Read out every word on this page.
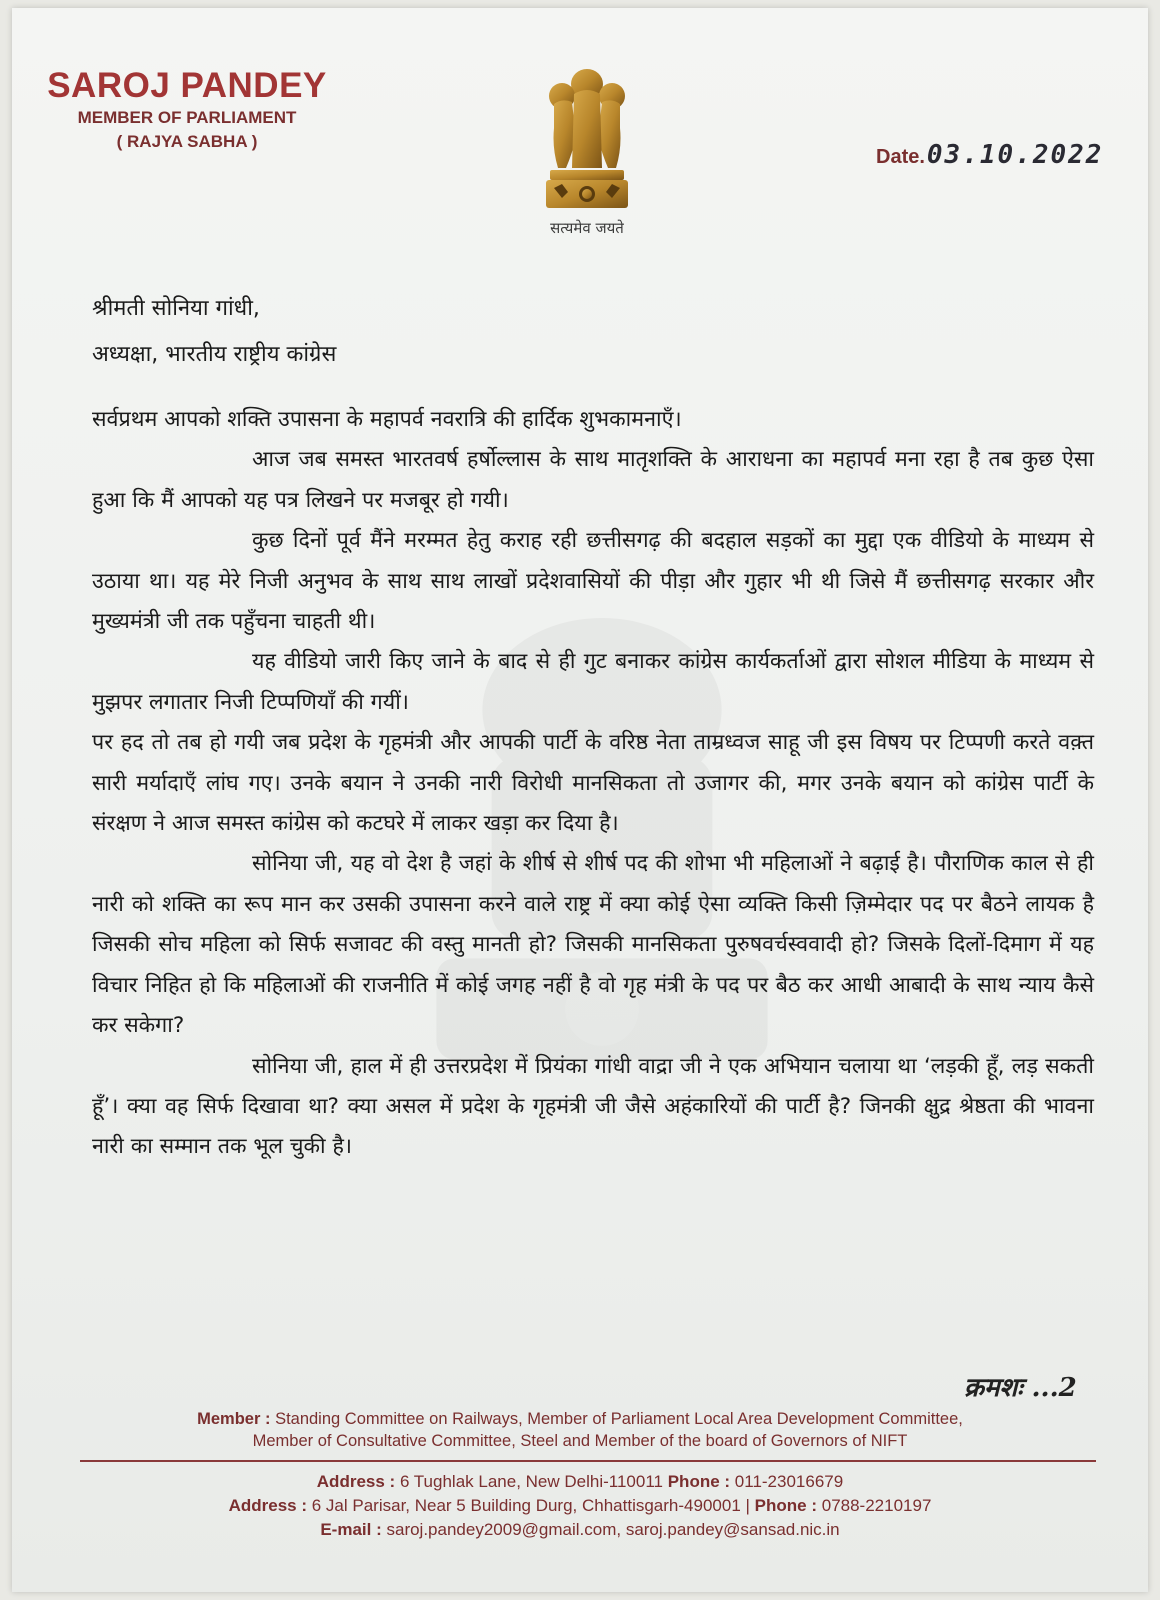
SAROJ PANDEY
MEMBER OF PARLIAMENT
( RAJYA SABHA )
सत्यमेव जयते
Date.03.10.2022
श्रीमती सोनिया गांधी,
अध्यक्षा, भारतीय राष्ट्रीय कांग्रेस

सर्वप्रथम आपको शक्ति उपासना के महापर्व नवरात्रि की हार्दिक शुभकामनाएँ।

आज जब समस्त भारतवर्ष हर्षोल्लास के साथ मातृशक्ति के आराधना का महापर्व मना रहा है तब कुछ ऐसा हुआ कि मैं आपको यह पत्र लिखने पर मजबूर हो गयी।

कुछ दिनों पूर्व मैंने मरम्मत हेतु कराह रही छत्तीसगढ़ की बदहाल सड़कों का मुद्दा एक वीडियो के माध्यम से उठाया था। यह मेरे निजी अनुभव के साथ साथ लाखों प्रदेशवासियों की पीड़ा और गुहार भी थी जिसे मैं छत्तीसगढ़ सरकार और मुख्यमंत्री जी तक पहुँचना चाहती थी।

यह वीडियो जारी किए जाने के बाद से ही गुट बनाकर कांग्रेस कार्यकर्ताओं द्वारा सोशल मीडिया के माध्यम से मुझपर लगातार निजी टिप्पणियाँ की गयीं।

पर हद तो तब हो गयी जब प्रदेश के गृहमंत्री और आपकी पार्टी के वरिष्ठ नेता ताम्रध्वज साहू जी इस विषय पर टिप्पणी करते वक़्त सारी मर्यादाएँ लांघ गए। उनके बयान ने उनकी नारी विरोधी मानसिकता तो उजागर की, मगर उनके बयान को कांग्रेस पार्टी के संरक्षण ने आज समस्त कांग्रेस को कटघरे में लाकर खड़ा कर दिया है।

सोनिया जी, यह वो देश है जहां के शीर्ष से शीर्ष पद की शोभा भी महिलाओं ने बढ़ाई है। पौराणिक काल से ही नारी को शक्ति का रूप मान कर उसकी उपासना करने वाले राष्ट्र में क्या कोई ऐसा व्यक्ति किसी ज़िम्मेदार पद पर बैठने लायक है जिसकी सोच महिला को सिर्फ सजावट की वस्तु मानती हो? जिसकी मानसिकता पुरुषवर्चस्ववादी हो? जिसके दिलों-दिमाग में यह विचार निहित हो कि महिलाओं की राजनीति में कोई जगह नहीं है वो गृह मंत्री के पद पर बैठ कर आधी आबादी के साथ न्याय कैसे कर सकेगा?

सोनिया जी, हाल में ही उत्तरप्रदेश में प्रियंका गांधी वाद्रा जी ने एक अभियान चलाया था ‘लड़की हूँ, लड़ सकती हूँ’। क्या वह सिर्फ दिखावा था? क्या असल में प्रदेश के गृहमंत्री जी जैसे अहंकारियों की पार्टी है? जिनकी क्षुद्र श्रेष्ठता की भावना नारी का सम्मान तक भूल चुकी है।

क्रमशः ...2
Member : Standing Committee on Railways, Member of Parliament Local Area Development Committee,
Member of Consultative Committee, Steel and Member of the board of Governors of NIFT
Address : 6 Tughlak Lane, New Delhi-110011 Phone : 011-23016679
Address : 6 Jal Parisar, Near 5 Building Durg, Chhattisgarh-490001 | Phone : 0788-2210197
E-mail : saroj.pandey2009@gmail.com, saroj.pandey@sansad.nic.in
